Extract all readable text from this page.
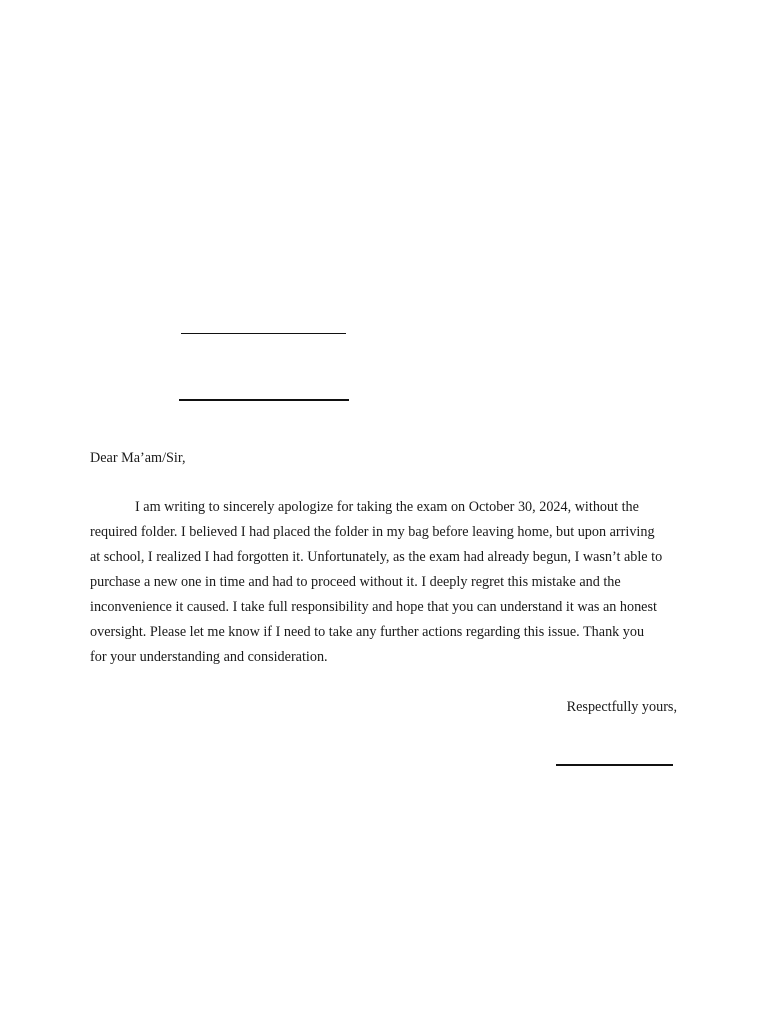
Dear Ma’am/Sir,
I am writing to sincerely apologize for taking the exam on October 30, 2024, without the
required folder. I believed I had placed the folder in my bag before leaving home, but upon arriving
at school, I realized I had forgotten it. Unfortunately, as the exam had already begun, I wasn’t able to
purchase a new one in time and had to proceed without it. I deeply regret this mistake and the
inconvenience it caused. I take full responsibility and hope that you can understand it was an honest
oversight. Please let me know if I need to take any further actions regarding this issue. Thank you
for your understanding and consideration.
Respectfully yours,
